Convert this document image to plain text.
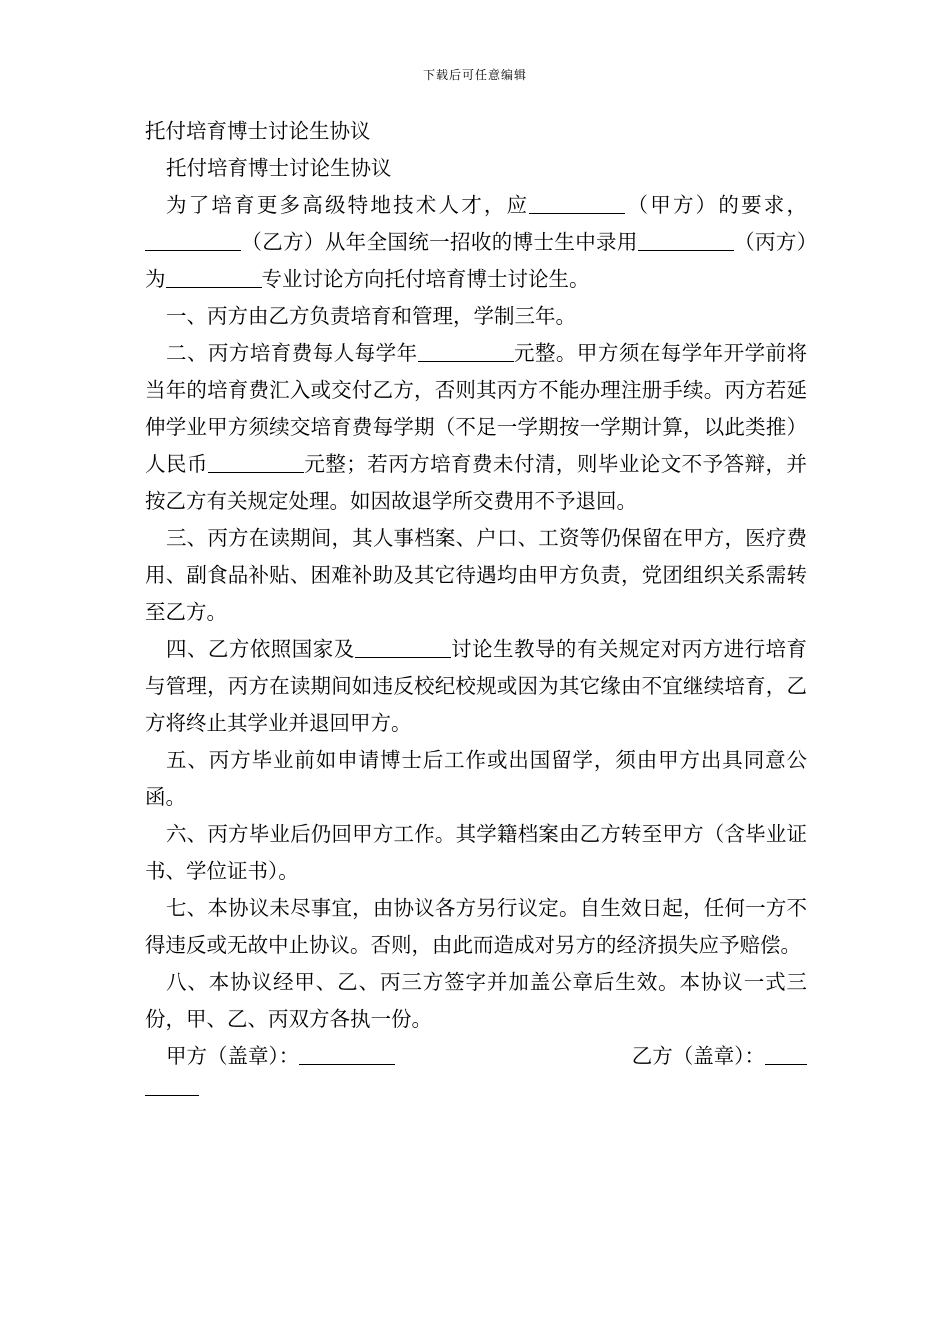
下载后可任意编辑

托付培育博士讨论生协议

托付培育博士讨论生协议

为了培育更多高级特地技术人才，应	（甲方）的要求，（乙方）从年全国统一招收的博士生中录用	（丙方）为	专业讨论方向托付培育博士讨论生。

一、丙方由乙方负责培育和管理，学制三年。

二、丙方培育费每人每学年	元整。甲方须在每学年开学前将当年的培育费汇入或交付乙方，否则其丙方不能办理注册手续。丙方若延伸学业甲方须续交培育费每学期（不足一学期按一学期计算，以此类推）人民币	元整；若丙方培育费未付清，则毕业论文不予答辩，并按乙方有关规定处理。如因故退学所交费用不予退回。

三、丙方在读期间，其人事档案、户口、工资等仍保留在甲方，医疗费用、副食品补贴、困难补助及其它待遇均由甲方负责，党团组织关系需转至乙方。

四、乙方依照国家及	讨论生教导的有关规定对丙方进行培育与管理，丙方在读期间如违反校纪校规或因为其它缘由不宜继续培育，乙方将终止其学业并退回甲方。

五、丙方毕业前如申请博士后工作或出国留学，须由甲方出具同意公函。

六、丙方毕业后仍回甲方工作。其学籍档案由乙方转至甲方（含毕业证书、学位证书）。

七、本协议未尽事宜，由协议各方另行议定。自生效日起，任何一方不得违反或无故中止协议。否则，由此而造成对另方的经济损失应予赔偿。

八、本协议经甲、乙、丙三方签字并加盖公章后生效。本协议一式三份，甲、乙、丙双方各执一份。

甲方（盖章）：	乙方（盖章）：
